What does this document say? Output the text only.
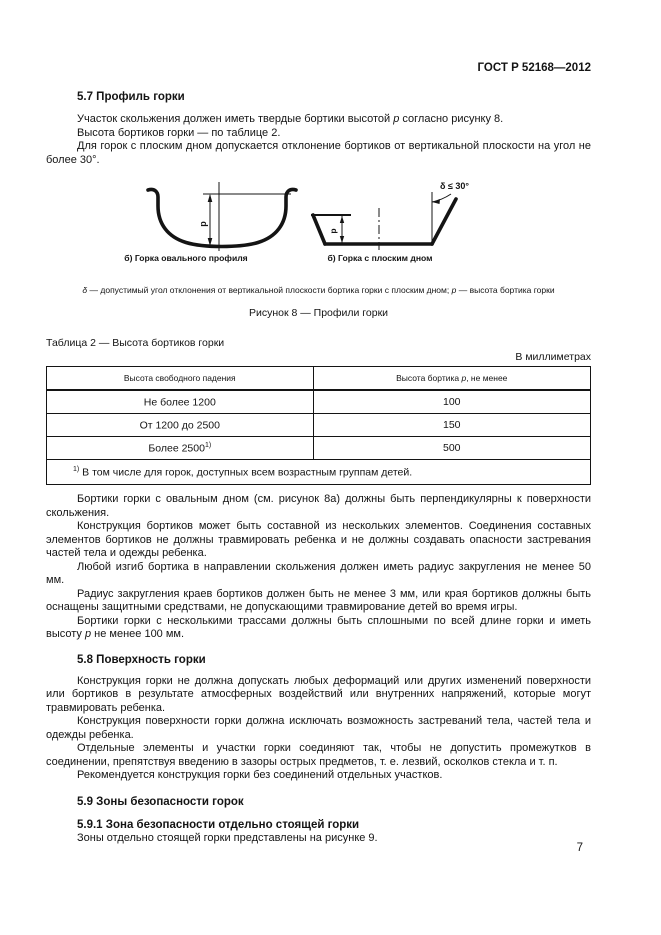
ГОСТ Р 52168—2012
5.7 Профиль горки

Участок скольжения должен иметь твердые бортики высотой p согласно рисунку 8.

Высота бортиков горки — по таблице 2.

Для горок с плоским дном допускается отклонение бортиков от вертикальной плоскости на угол не более 30°.

p
p
δ ≤ 30°
б) Горка овального профиля	б) Горка с плоским дном
δ — допустимый угол отклонения от вертикальной плоскости бортика горки с плоским дном; p — высота бортика горки
Рисунок 8 — Профили горки
Таблица 2 — Высота бортиков горки
В миллиметрах
Высота свободного падения	Высота бортика p, не менее
Не более 1200	100
От 1200 до 2500	150
Более 2500$^{1)}$	500
$^{1)}$ В том числе для горок, доступных всем возрастным группам детей.	

Бортики горки с овальным дном (см. рисунок 8а) должны быть перпендикулярны к поверхности скольжения.

Конструкция бортиков может быть составной из нескольких элементов. Соединения составных элементов бортиков не должны травмировать ребенка и не должны создавать опасности застревания частей тела и одежды ребенка.

Любой изгиб бортика в направлении скольжения должен иметь радиус закругления не менее 50 мм.

Радиус закругления краев бортиков должен быть не менее 3 мм, или края бортиков должны быть оснащены защитными средствами, не допускающими травмирование детей во время игры.

Бортики горки с несколькими трассами должны быть сплошными по всей длине горки и иметь высоту p не менее 100 мм.

5.8 Поверхность горки

Конструкция горки не должна допускать любых деформаций или других изменений поверхности или бортиков в результате атмосферных воздействий или внутренних напряжений, которые могут травмировать ребенка.

Конструкция поверхности горки должна исключать возможность застреваний тела, частей тела и одежды ребенка.

Отдельные элементы и участки горки соединяют так, чтобы не допустить промежутков в соединении, препятствуя введению в зазоры острых предметов, т. е. лезвий, осколков стекла и т. п.

Рекомендуется конструкция горки без соединений отдельных участков.

5.9 Зоны безопасности горок
5.9.1 Зона безопасности отдельно стоящей горки

Зоны отдельно стоящей горки представлены на рисунке 9.

7
